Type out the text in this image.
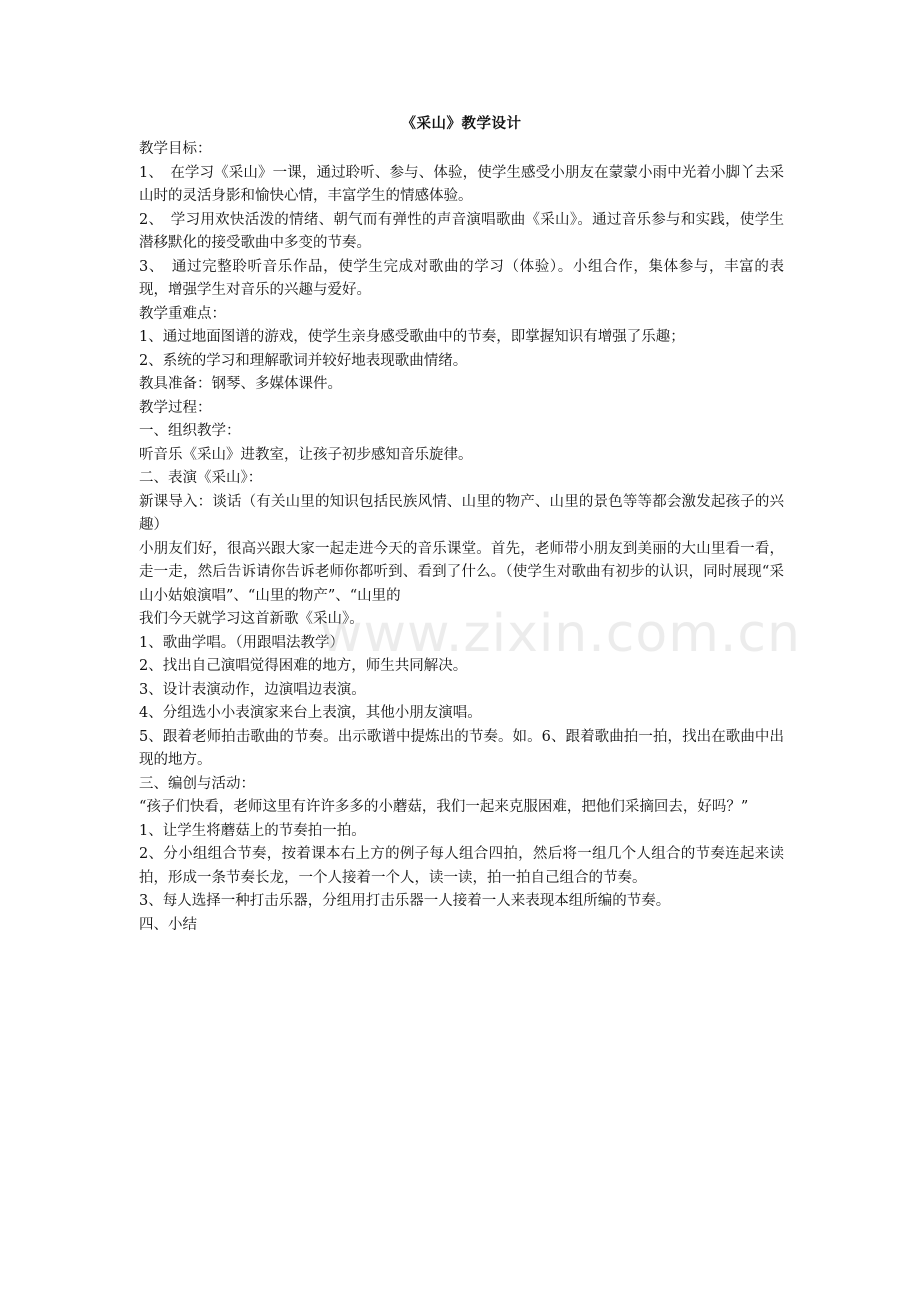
《采山》教学设计

教学目标：

1、　在学习《采山》一课，通过聆听、参与、体验，使学生感受小朋友在蒙蒙小雨中光着小脚丫去采山时的灵活身影和愉快心情，丰富学生的情感体验。

2、　学习用欢快活泼的情绪、朝气而有弹性的声音演唱歌曲《采山》。通过音乐参与和实践，使学生潜移默化的接受歌曲中多变的节奏。

3、　通过完整聆听音乐作品，使学生完成对歌曲的学习（体验）。小组合作，集体参与，丰富的表现，增强学生对音乐的兴趣与爱好。

教学重难点：

1、通过地面图谱的游戏，使学生亲身感受歌曲中的节奏，即掌握知识有增强了乐趣；

2、系统的学习和理解歌词并较好地表现歌曲情绪。

教具准备：钢琴、多媒体课件。

教学过程：

一、组织教学：

听音乐《采山》进教室，让孩子初步感知音乐旋律。

二、表演《采山》：

新课导入：谈话（有关山里的知识包括民族风情、山里的物产、山里的景色等等都会激发起孩子的兴趣）

小朋友们好，很高兴跟大家一起走进今天的音乐课堂。首先，老师带小朋友到美丽的大山里看一看，走一走，然后告诉请你告诉老师你都听到、看到了什么。（使学生对歌曲有初步的认识，同时展现“采山小姑娘演唱”、“山里的物产”、“山里的

我们今天就学习这首新歌《采山》。

1、歌曲学唱。（用跟唱法教学）

2、找出自己演唱觉得困难的地方，师生共同解决。

3、设计表演动作，边演唱边表演。

4、分组选小小表演家来台上表演，其他小朋友演唱。

5、跟着老师拍击歌曲的节奏。出示歌谱中提炼出的节奏。如。6、跟着歌曲拍一拍，找出在歌曲中出现的地方。

三、编创与活动：

“孩子们快看，老师这里有许许多多的小蘑菇，我们一起来克服困难，把他们采摘回去，好吗？”

1、让学生将蘑菇上的节奏拍一拍。

2、分小组组合节奏，按着课本右上方的例子每人组合四拍，然后将一组几个人组合的节奏连起来读拍，形成一条节奏长龙，一个人接着一个人，读一读，拍一拍自己组合的节奏。

3、每人选择一种打击乐器，分组用打击乐器一人接着一人来表现本组所编的节奏。

四、小结

www.zixin.com.cn
